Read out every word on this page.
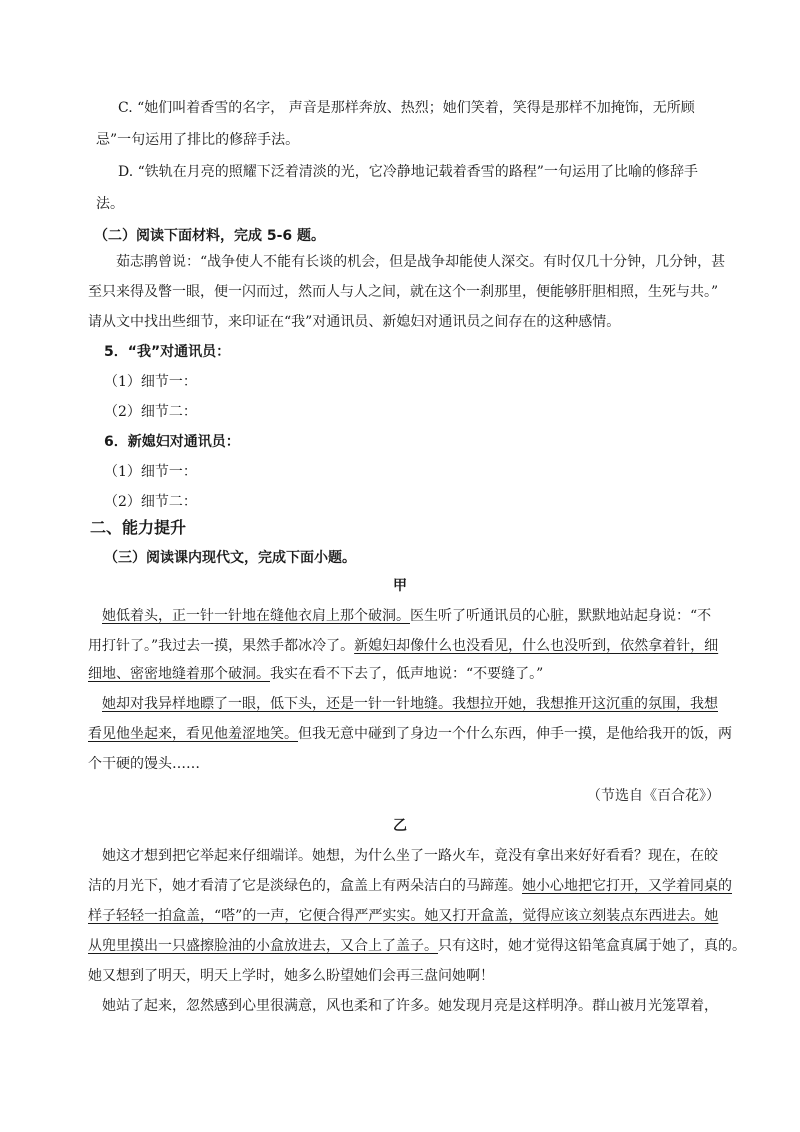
C. “她们叫着香雪的名字， 声音是那样奔放、热烈；她们笑着，笑得是那样不加掩饰，无所顾
忌”一句运用了排比的修辞手法。
D. “铁轨在月亮的照耀下泛着清淡的光，它冷静地记载着香雪的路程”一句运用了比喻的修辞手
法。
（二）阅读下面材料，完成 5-6 题。
茹志鹃曾说：“战争使人不能有长谈的机会，但是战争却能使人深交。有时仅几十分钟，几分钟，甚
至只来得及瞥一眼，便一闪而过，然而人与人之间，就在这个一刹那里，便能够肝胆相照，生死与共。”
请从文中找出些细节，来印证在“我”对通讯员、新媳妇对通讯员之间存在的这种感情。
5．“我”对通讯员：
（1）细节一：
（2）细节二：
6．新媳妇对通讯员：
（1）细节一：
（2）细节二：
二、能力提升
（三）阅读课内现代文，完成下面小题。
甲
她低着头，正一针一针地在缝他衣肩上那个破洞。医生听了听通讯员的心脏，默默地站起身说：“不
用打针了。”我过去一摸，果然手都冰冷了。新媳妇却像什么也没看见，什么也没听到，依然拿着针，细
细地、密密地缝着那个破洞。我实在看不下去了，低声地说：“不要缝了。”
她却对我异样地瞟了一眼，低下头，还是一针一针地缝。我想拉开她，我想推开这沉重的氛围，我想
看见他坐起来，看见他羞涩地笑。但我无意中碰到了身边一个什么东西，伸手一摸，是他给我开的饭，两
个干硬的馒头……
（节选自《百合花》）
乙
她这才想到把它举起来仔细端详。她想，为什么坐了一路火车，竟没有拿出来好好看看？现在，在皎
洁的月光下，她才看清了它是淡绿色的，盒盖上有两朵洁白的马蹄莲。她小心地把它打开，又学着同桌的
样子轻轻一拍盒盖，“嗒”的一声，它便合得严严实实。她又打开盒盖，觉得应该立刻装点东西进去。她
从兜里摸出一只盛擦脸油的小盒放进去，又合上了盖子。只有这时，她才觉得这铅笔盒真属于她了，真的。
她又想到了明天，明天上学时，她多么盼望她们会再三盘问她啊！
她站了起来，忽然感到心里很满意，风也柔和了许多。她发现月亮是这样明净。群山被月光笼罩着，
